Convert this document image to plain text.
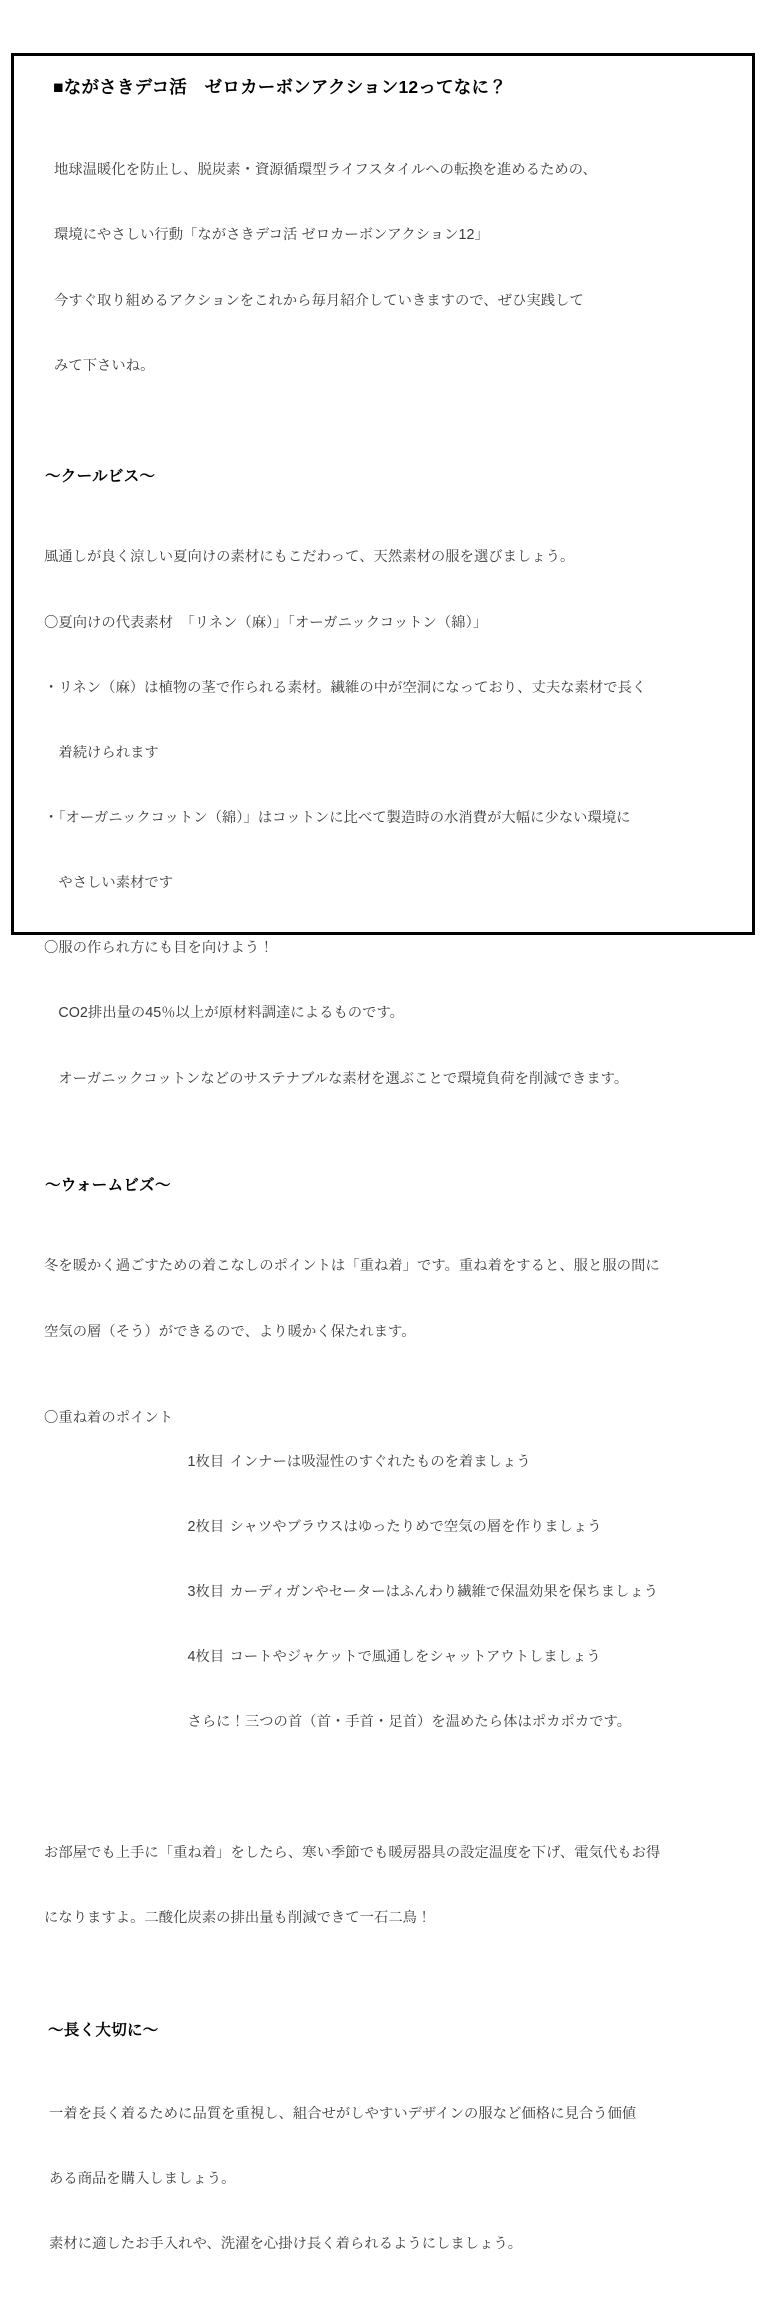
■ながさきデコ活　ゼロカーボンアクション12ってなに？

地球温暖化を防止し、脱炭素・資源循環型ライフスタイルへの転換を進めるための、

環境にやさしい行動「ながさきデコ活 ゼロカーボンアクション12」

今すぐ取り組めるアクションをこれから毎月紹介していきますので、ぜひ実践して

みて下さいね。

〜クールビス〜

風通しが良く涼しい夏向けの素材にもこだわって、天然素材の服を選びましょう。

〇夏向けの代表素材　「リネン（麻）」「オーガニックコットン（綿）」

・リネン（麻）は植物の茎で作られる素材。繊維の中が空洞になっており、丈夫な素材で長く

　着続けられます

・「オーガニックコットン（綿）」はコットンに比べて製造時の水消費が大幅に少ない環境に

　やさしい素材です

〇服の作られ方にも目を向けよう！

　CO2排出量の45％以上が原材料調達によるものです。

　オーガニックコットンなどのサステナブルな素材を選ぶことで環境負荷を削減できます。

〜ウォームビズ〜

冬を暖かく過ごすための着こなしのポイントは「重ね着」です。重ね着をすると、服と服の間に

空気の層（そう）ができるので、より暖かく保たれます。

〇重ね着のポイント　

1枚目 インナーは吸湿性のすぐれたものを着ましょう

2枚目 シャツやブラウスはゆったりめで空気の層を作りましょう

3枚目 カーディガンやセーターはふんわり繊維で保温効果を保ちましょう

4枚目 コートやジャケットで風通しをシャットアウトしましょう

さらに！三つの首（首・手首・足首）を温めたら体はポカポカです。

お部屋でも上手に「重ね着」をしたら、寒い季節でも暖房器具の設定温度を下げ、電気代もお得

になりますよ。二酸化炭素の排出量も削減できて一石二鳥！

〜長く大切に〜

一着を長く着るために品質を重視し、組合せがしやすいデザインの服など価格に見合う価値

ある商品を購入しましょう。

素材に適したお手入れや、洗濯を心掛け長く着られるようにしましょう。
